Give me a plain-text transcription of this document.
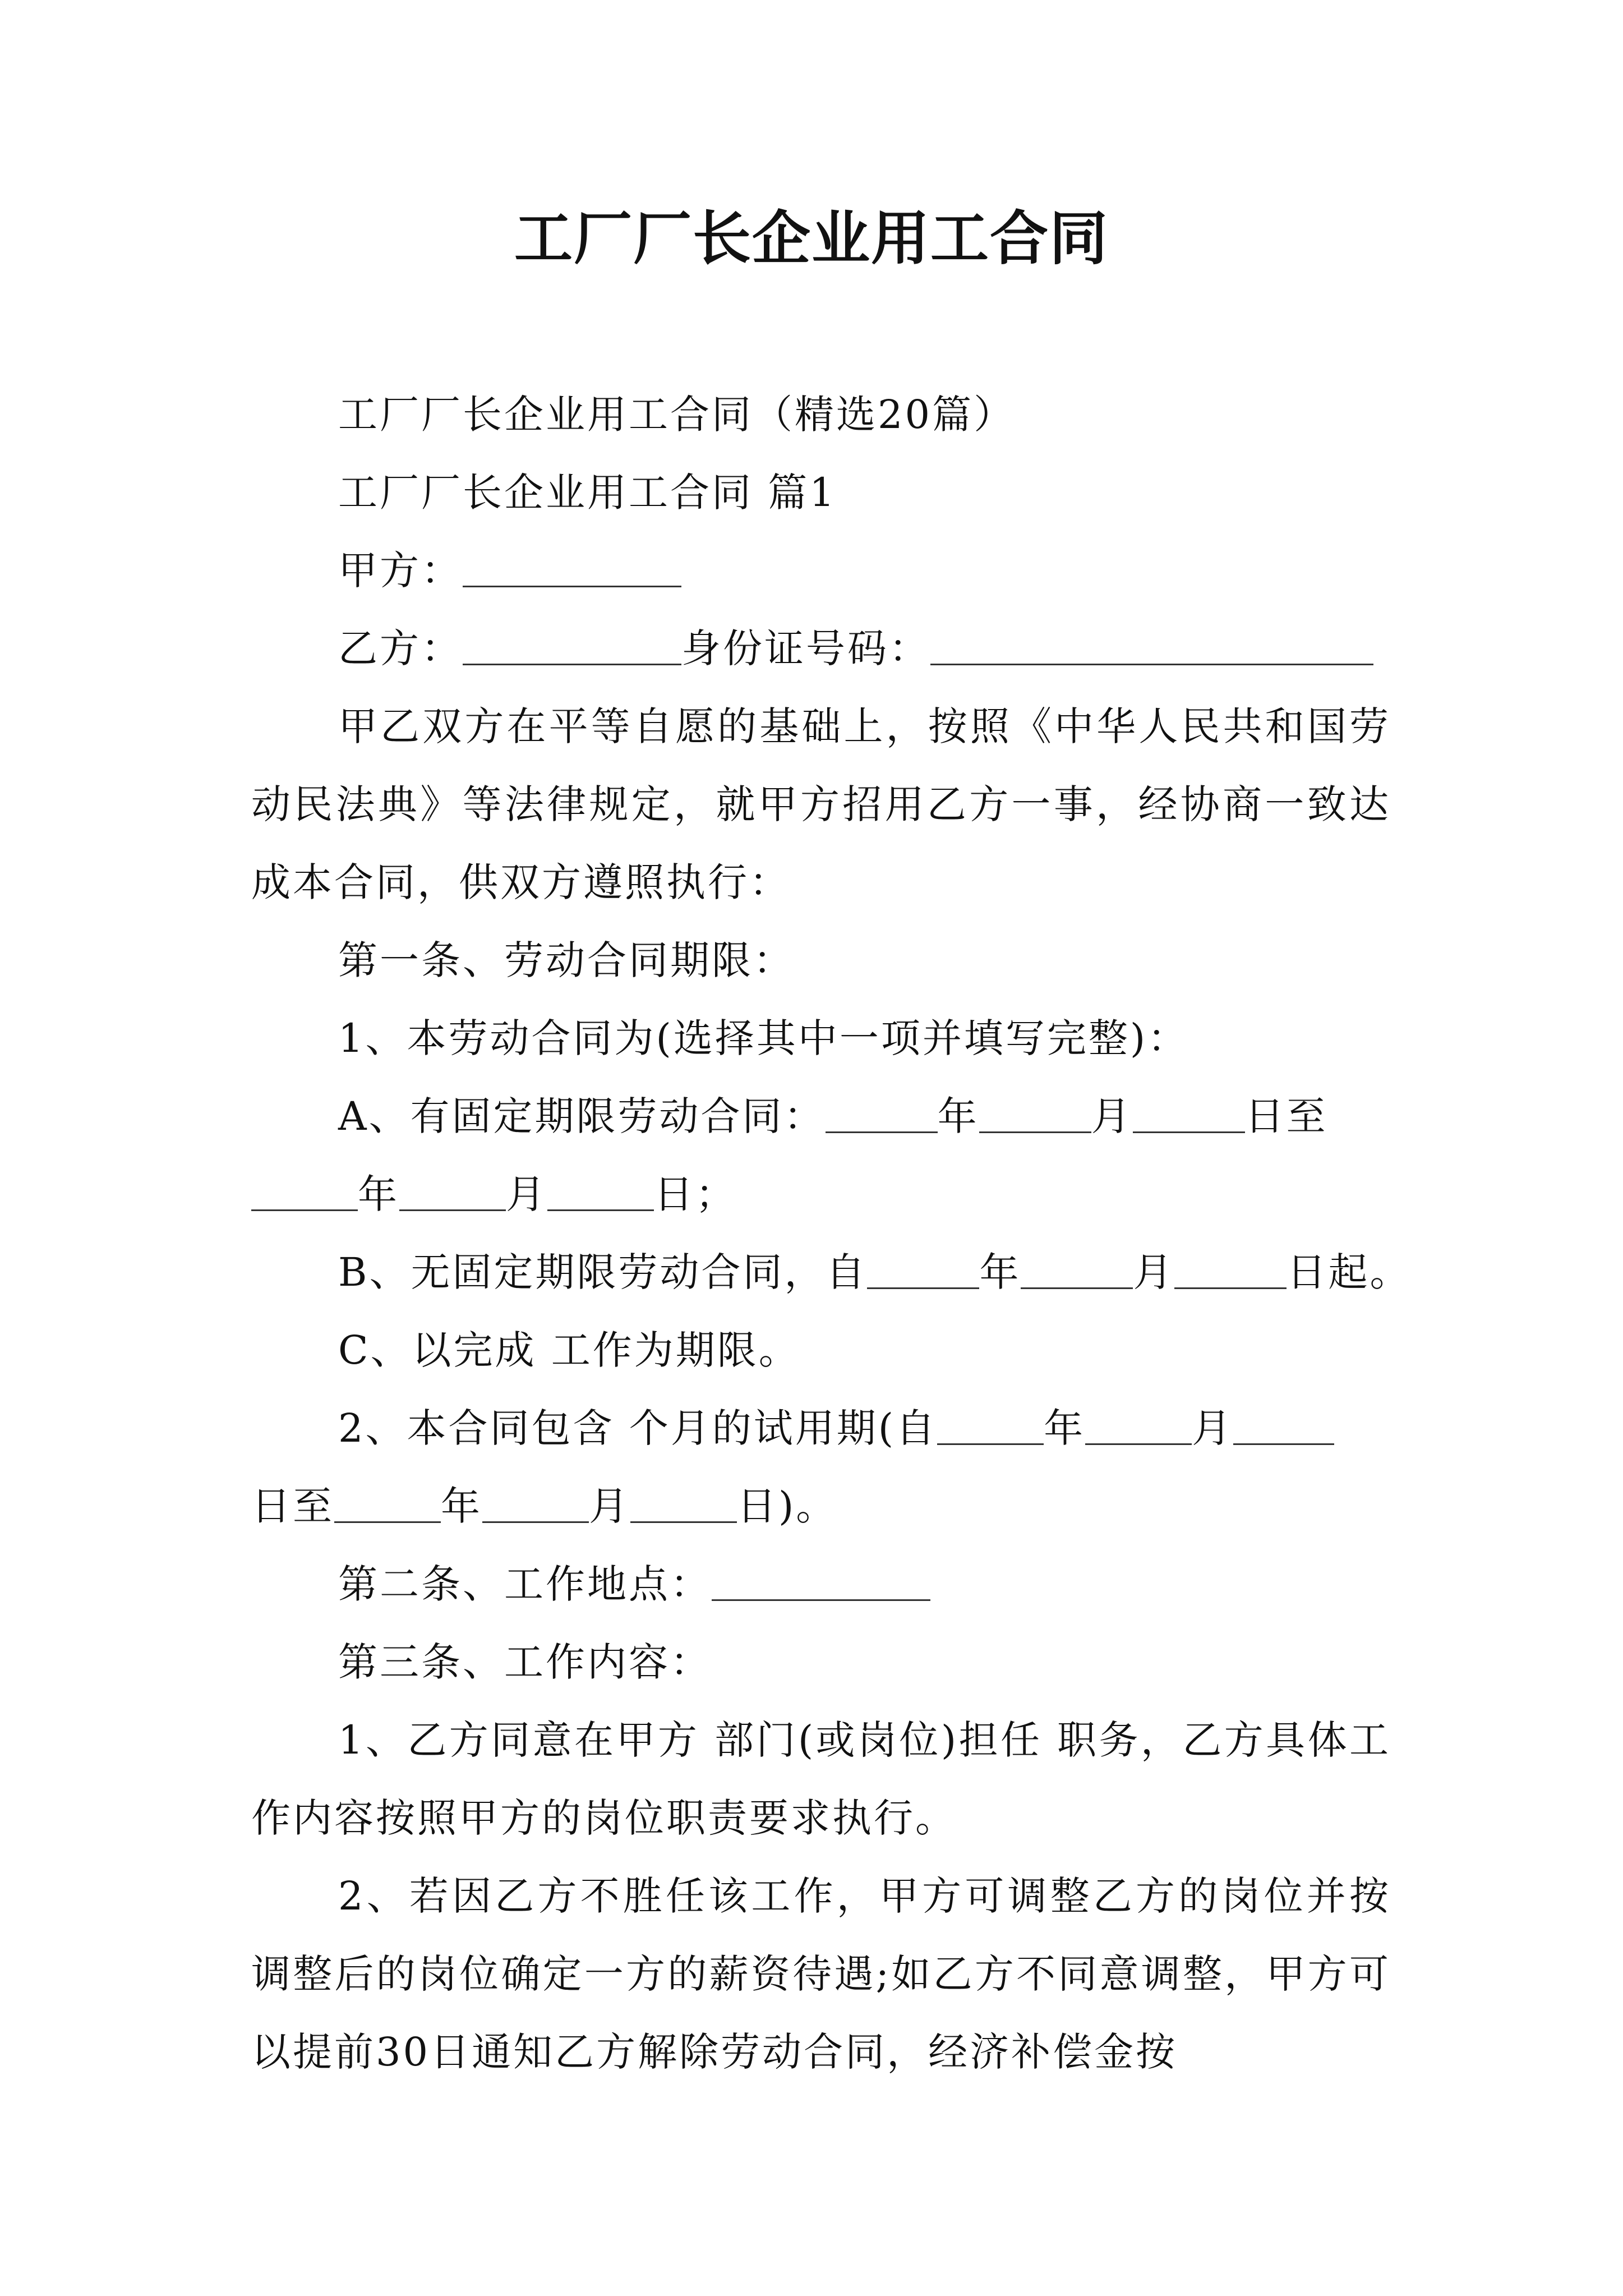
工厂厂长企业用工合同
工厂厂长企业用工合同（精选20篇）
工厂厂长企业用工合同 篇1
甲方：
乙方：	身份证号码：
甲乙双方在平等自愿的基础上，按照《中华人民共和国劳动民法典》等法律规定，就甲方招用乙方一事，经协商一致达成本合同，供双方遵照执行：
第一条、劳动合同期限：
1、本劳动合同为(选择其中一项并填写完整)：
A、有固定期限劳动合同：	年	月	日至
年	月	日；
B、无固定期限劳动合同，自	年	月	日起。
C、以完成 工作为期限。
2、本合同包含 个月的试用期(自	年	月
日至	年	月	日)。
第二条、工作地点：
第三条、工作内容：
1、乙方同意在甲方 部门(或岗位)担任 职务，乙方具体工作内容按照甲方的岗位职责要求执行。
2、若因乙方不胜任该工作，甲方可调整乙方的岗位并按调整后的岗位确定一方的薪资待遇;如乙方不同意调整，甲方可以提前30日通知乙方解除劳动合同，经济补偿金按
